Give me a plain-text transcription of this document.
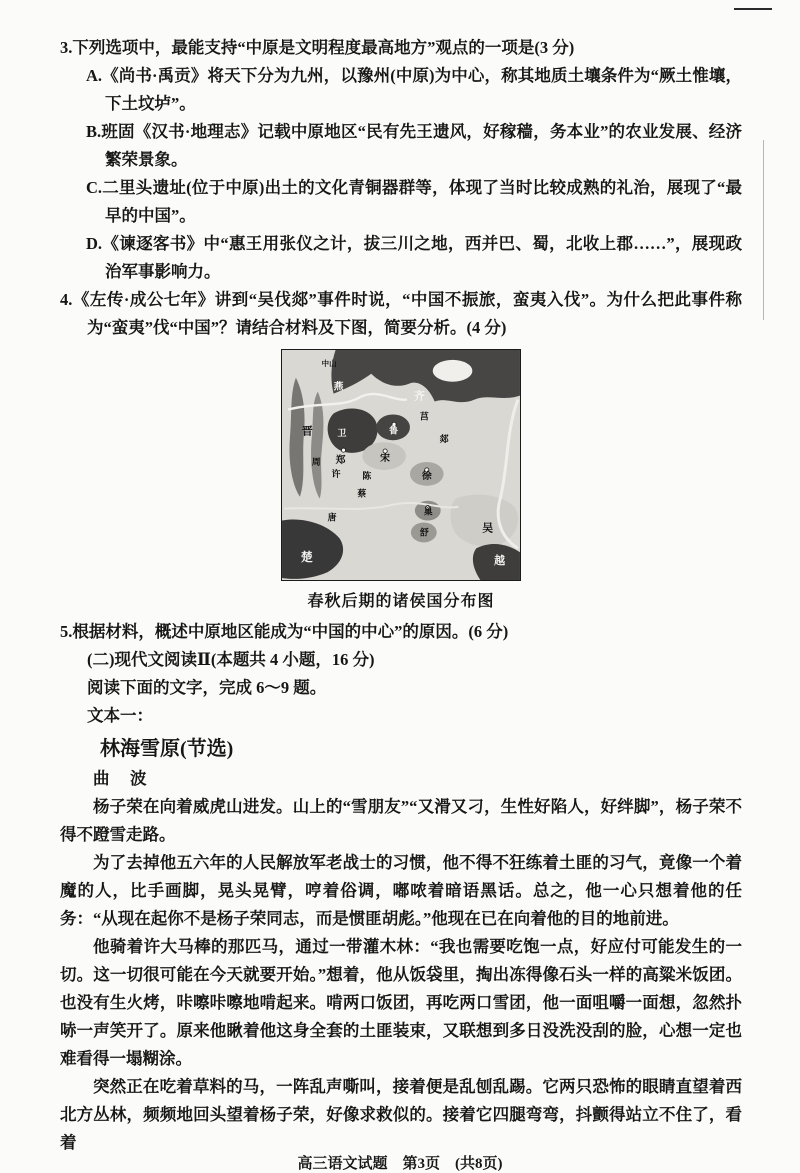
3.下列选项中，最能支持“中原是文明程度最高地方”观点的一项是(3 分)

A.《尚书·禹贡》将天下分为九州，以豫州(中原)为中心，称其地质土壤条件为“厥土惟壤，下土坟垆”。

B.班固《汉书·地理志》记载中原地区“民有先王遗风，好稼穑，务本业”的农业发展、经济繁荣景象。

C.二里头遗址(位于中原)出土的文化青铜器群等，体现了当时比较成熟的礼治，展现了“最早的中国”。

D.《谏逐客书》中“惠王用张仪之计，拔三川之地，西并巴、蜀，北收上郡……”，展现政治军事影响力。

4.《左传·成公七年》讲到“吴伐郯”事件时说，“中国不振旅，蛮夷入伐”。为什么把此事件称为“蛮夷”伐“中国”？请结合材料及下图，简要分析。(4 分)

中山
燕
齐
莒
郯
晋	卫	鲁
宋
郑
周
许 陈
蔡
徐
唐
巢
舒	吴
楚	越
春秋后期的诸侯国分布图

5.根据材料，概述中原地区能成为“中国的中心”的原因。(6 分)

(二)现代文阅读Ⅱ(本题共 4 小题，16 分)

阅读下面的文字，完成 6～9 题。

文本一：

林海雪原(节选)

曲　波

杨子荣在向着威虎山进发。山上的“雪朋友”“又滑又刁，生性好陷人，好绊脚”，杨子荣不得不蹬雪走路。

为了去掉他五六年的人民解放军老战士的习惯，他不得不狂练着土匪的习气，竟像一个着魔的人，比手画脚，晃头晃臂，哼着俗调，嘟哝着暗语黑话。总之，他一心只想着他的任务：“从现在起你不是杨子荣同志，而是惯匪胡彪。”他现在已在向着他的目的地前进。

他骑着许大马棒的那匹马，通过一带灌木林：“我也需要吃饱一点，好应付可能发生的一切。这一切很可能在今天就要开始。”想着，他从饭袋里，掏出冻得像石头一样的高粱米饭团。也没有生火烤，咔嚓咔嚓地啃起来。啃两口饭团，再吃两口雪团，他一面咀嚼一面想，忽然扑哧一声笑开了。原来他瞅着他这身全套的土匪装束，又联想到多日没洗没刮的脸，心想一定也难看得一塌糊涂。

突然正在吃着草料的马，一阵乱声嘶叫，接着便是乱刨乱踢。它两只恐怖的眼睛直望着西北方丛林，频频地回头望着杨子荣，好像求救似的。接着它四腿弯弯，抖颤得站立不住了，看着

高三语文试题　第3页　(共8页)
